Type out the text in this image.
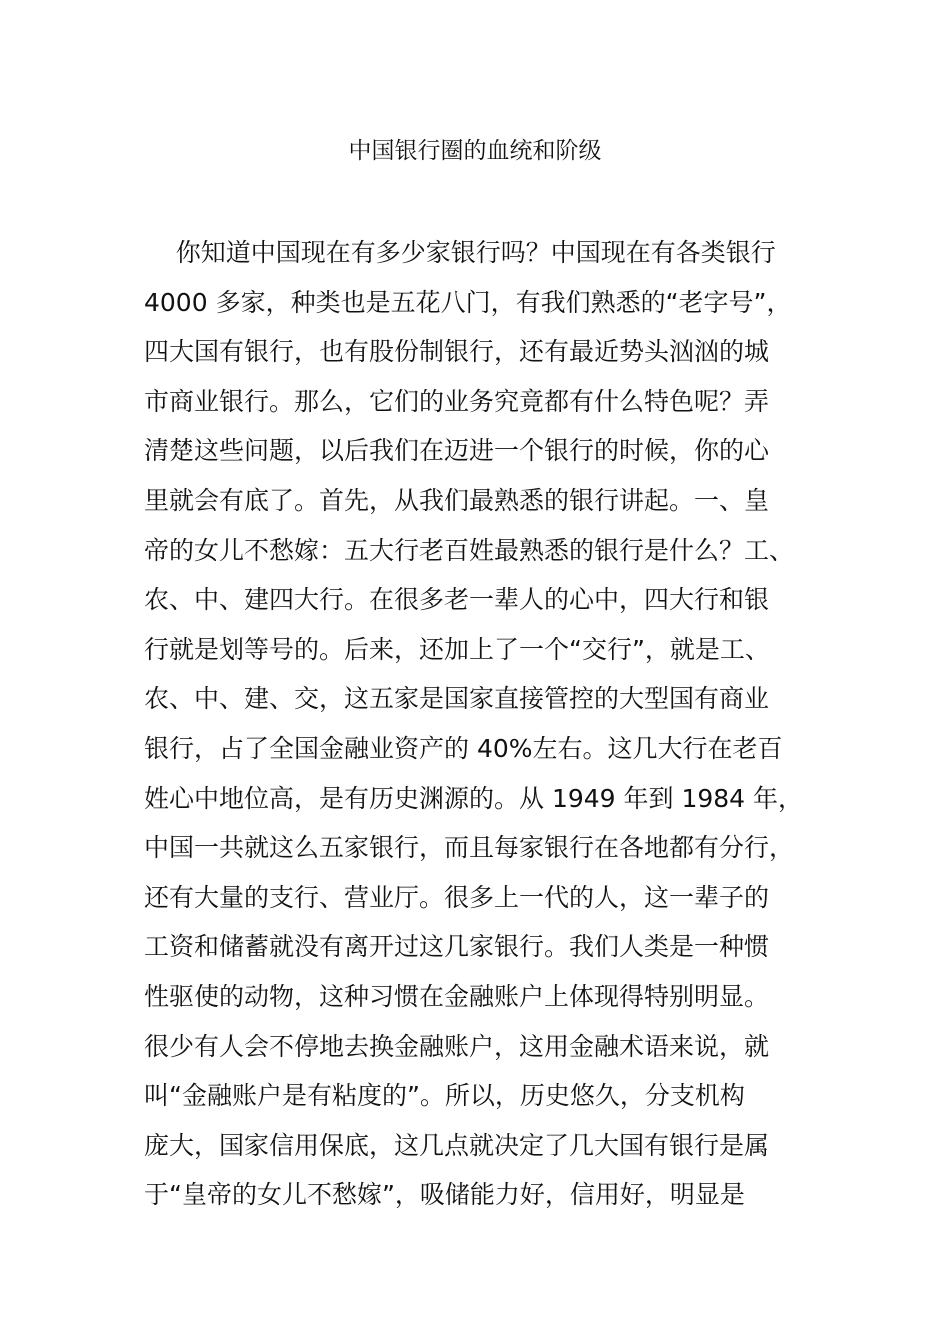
中国银行圈的血统和阶级
你知道中国现在有多少家银行吗？中国现在有各类银行
4000 多家，种类也是五花八门，有我们熟悉的“老字号”，
四大国有银行，也有股份制银行，还有最近势头汹汹的城
市商业银行。那么，它们的业务究竟都有什么特色呢？弄
清楚这些问题，以后我们在迈进一个银行的时候，你的心
里就会有底了。首先，从我们最熟悉的银行讲起。一、皇
帝的女儿不愁嫁：五大行老百姓最熟悉的银行是什么？工、
农、中、建四大行。在很多老一辈人的心中，四大行和银
行就是划等号的。后来，还加上了一个“交行”，就是工、
农、中、建、交，这五家是国家直接管控的大型国有商业
银行，占了全国金融业资产的 40%左右。这几大行在老百
姓心中地位高，是有历史渊源的。从 1949 年到 1984 年，
中国一共就这么五家银行，而且每家银行在各地都有分行，
还有大量的支行、营业厅。很多上一代的人，这一辈子的
工资和储蓄就没有离开过这几家银行。我们人类是一种惯
性驱使的动物，这种习惯在金融账户上体现得特别明显。
很少有人会不停地去换金融账户，这用金融术语来说，就
叫“金融账户是有粘度的”。所以，历史悠久，分支机构
庞大，国家信用保底，这几点就决定了几大国有银行是属
于“皇帝的女儿不愁嫁”，吸储能力好，信用好，明显是
